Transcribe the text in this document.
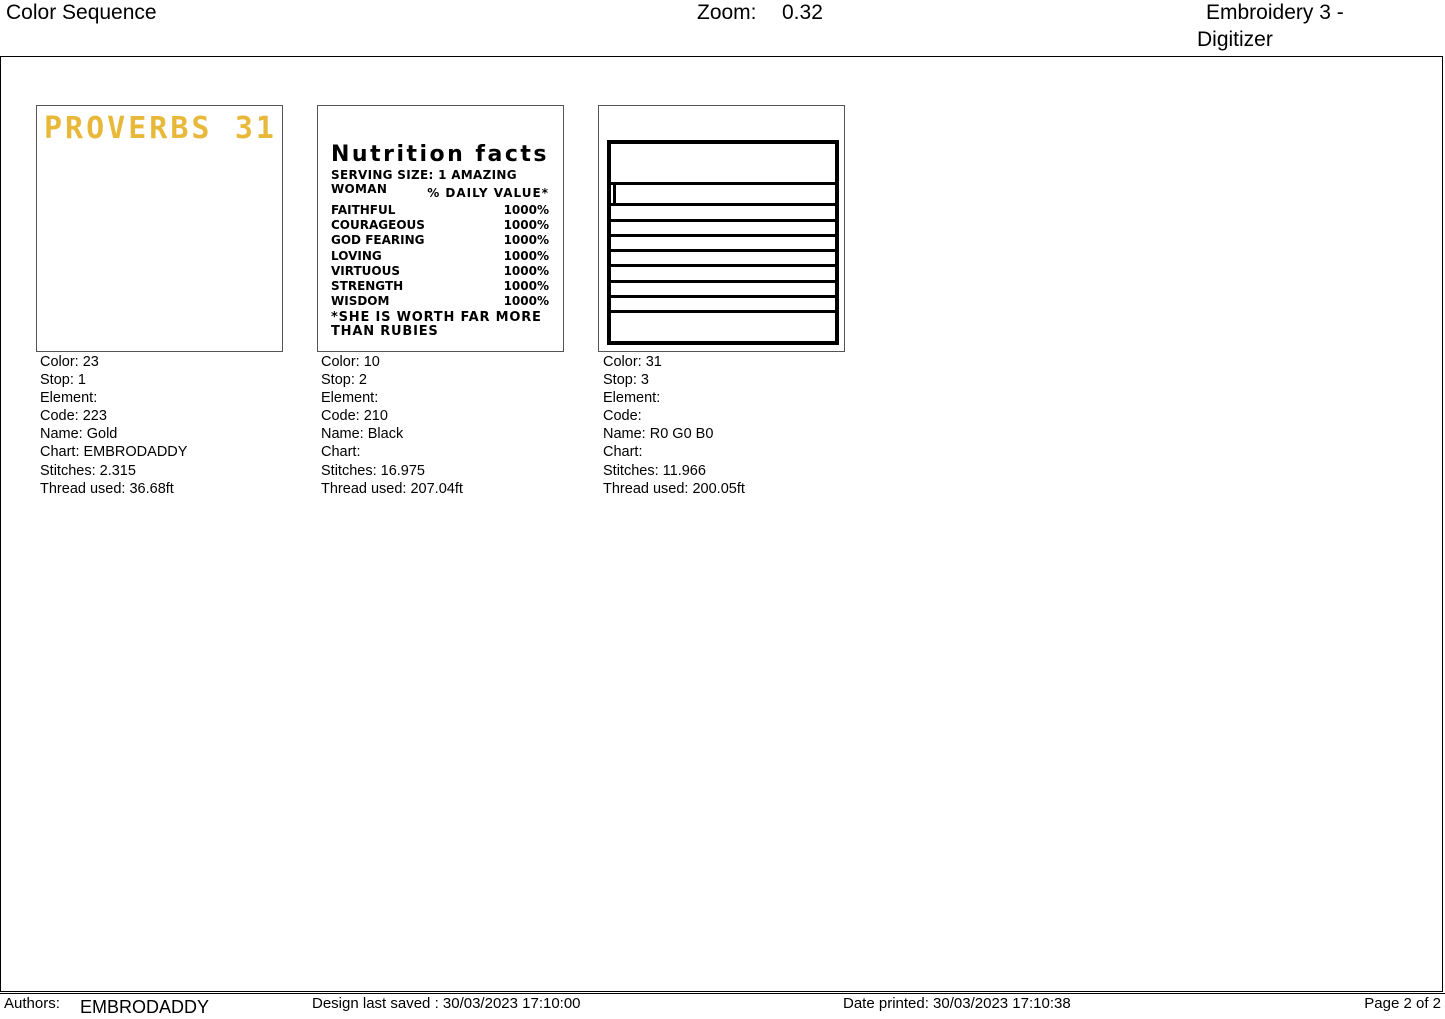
Color Sequence	Zoom: 0.32	Embroidery 3 -
Digitizer
PROVERBS 31
Color: 23
Stop: 1
Element:
Code: 223
Name: Gold
Chart: EMBRODADDY
Stitches: 2.315
Thread used: 36.68ft
Nutrition facts
SERVING SIZE: 1 AMAZING WOMAN	% DAILY VALUE*
FAITHFUL	1000%
COURAGEOUS	1000%
GOD FEARING	1000%
LOVING	1000%
VIRTUOUS	1000%
STRENGTH	1000%
WISDOM	1000%
*SHE IS WORTH FAR MORE
THAN RUBIES
Color: 10
Stop: 2
Element:
Code: 210
Name: Black
Chart:
Stitches: 16.975
Thread used: 207.04ft
Color: 31
Stop: 3
Element:
Code:
Name: R0 G0 B0
Chart:
Stitches: 11.966
Thread used: 200.05ft
Authors: EMBRODADDY	Design last saved : 30/03/2023 17:10:00	Date printed: 30/03/2023 17:10:38	Page 2 of 2
